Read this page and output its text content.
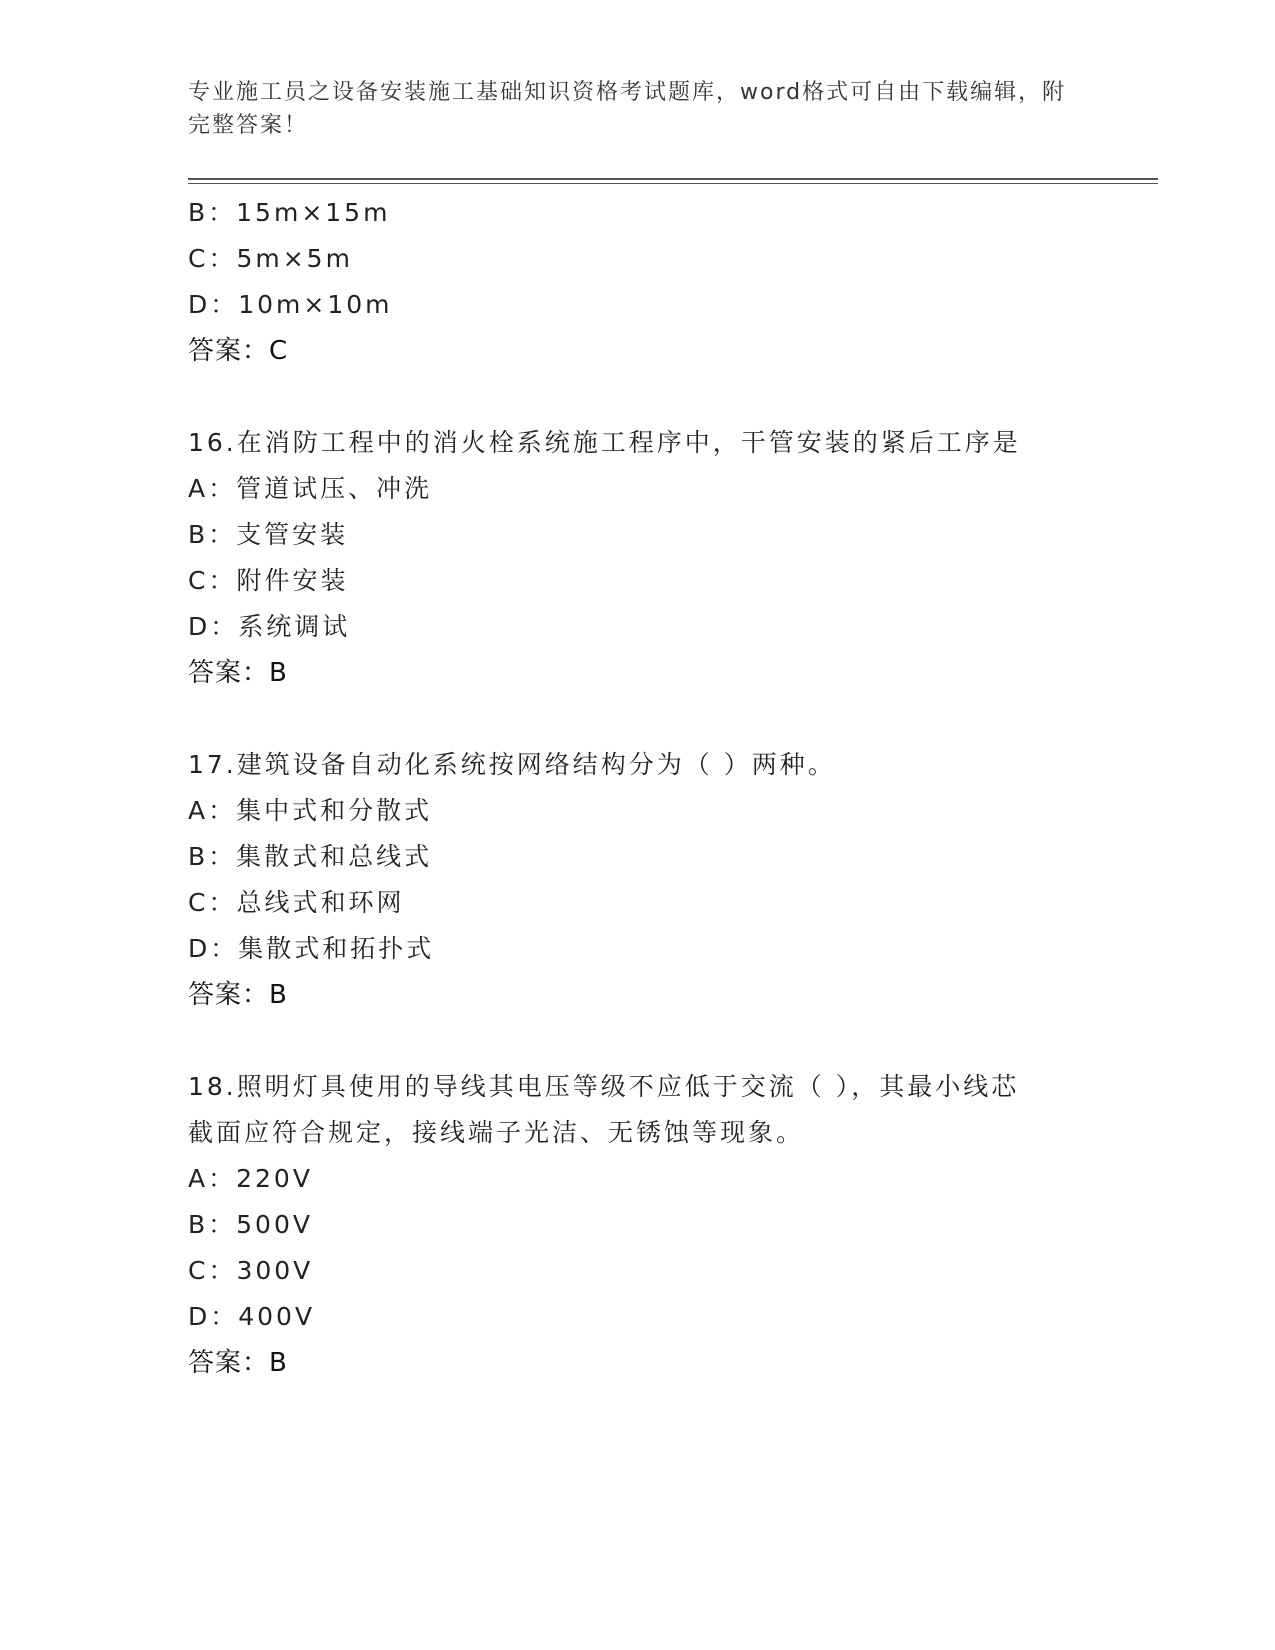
专业施工员之设备安装施工基础知识资格考试题库，word格式可自由下载编辑，附完整答案！
B：15m×15m
C：5m×5m
D：10m×10m
答案：C
16.在消防工程中的消火栓系统施工程序中，干管安装的紧后工序是
A：管道试压、冲洗
B：支管安装
C：附件安装
D：系统调试
答案：B
17.建筑设备自动化系统按网络结构分为（ ）两种。
A：集中式和分散式
B：集散式和总线式
C：总线式和环网
D：集散式和拓扑式
答案：B
18.照明灯具使用的导线其电压等级不应低于交流（ ），其最小线芯
截面应符合规定，接线端子光洁、无锈蚀等现象。
A：220V
B：500V
C：300V
D：400V
答案：B
